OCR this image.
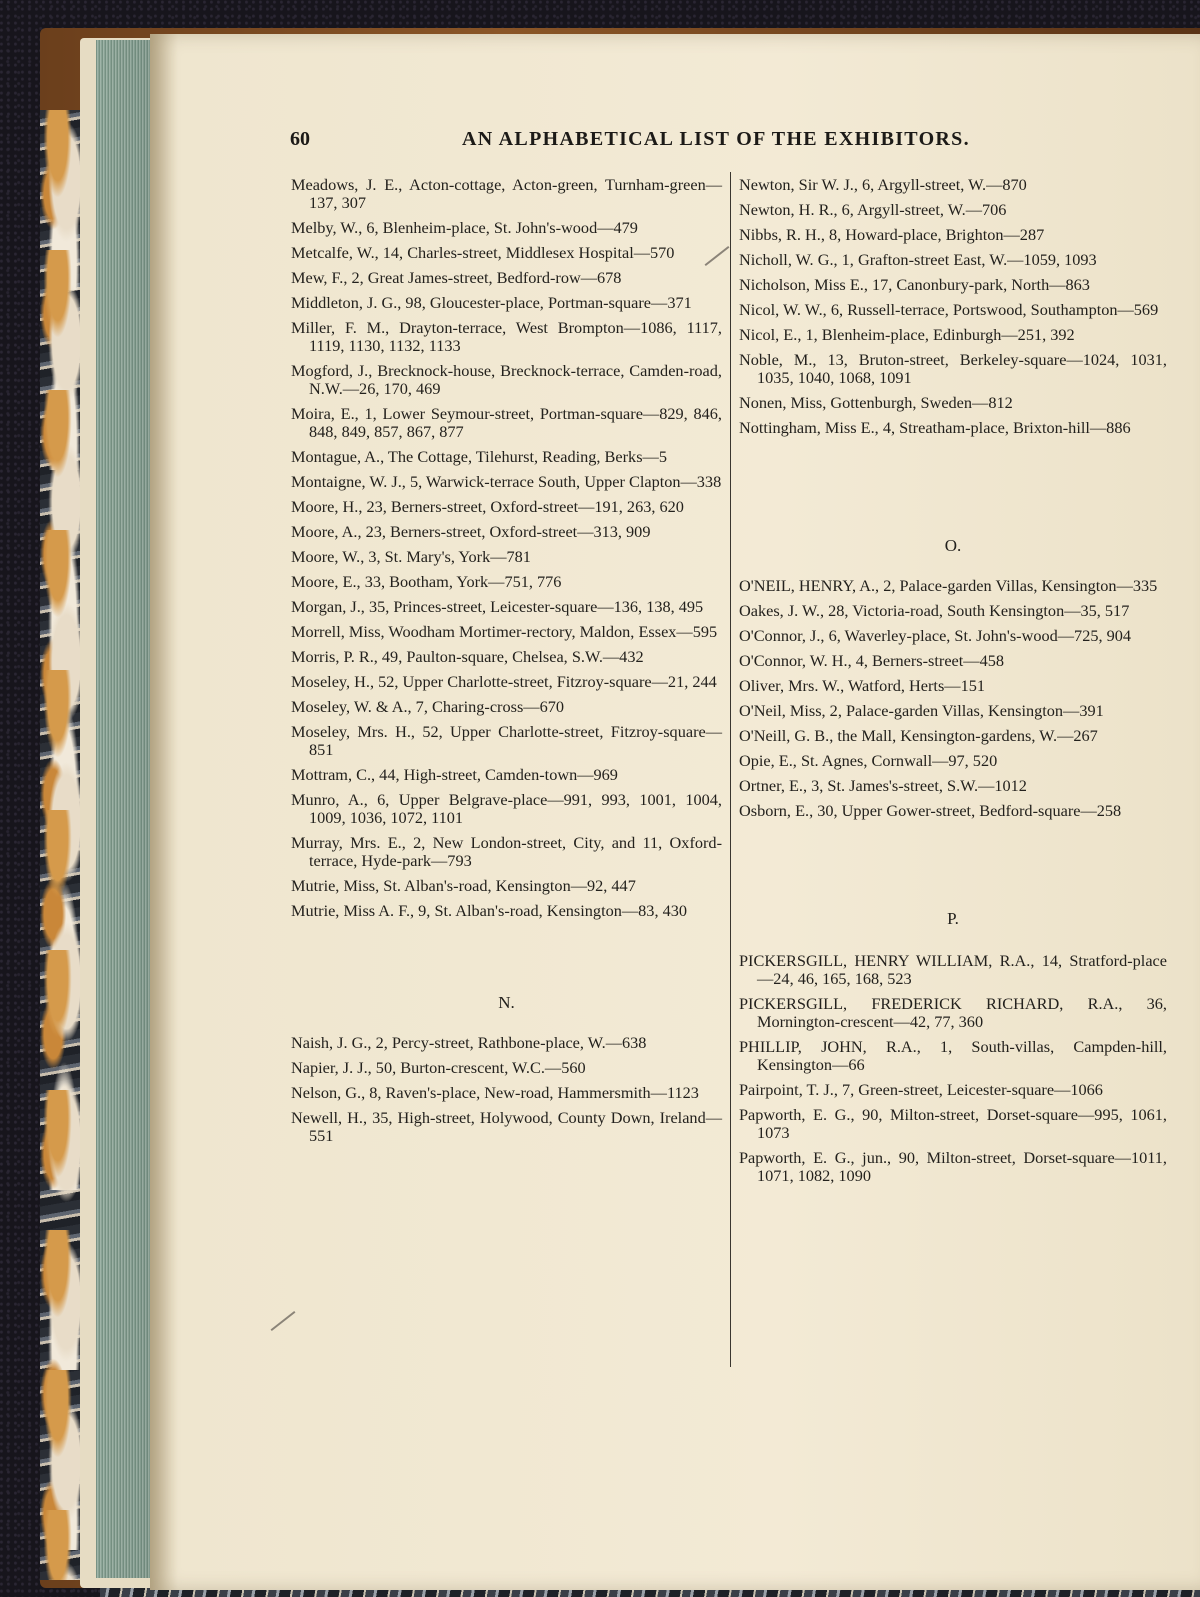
60	AN ALPHABETICAL LIST OF THE EXHIBITORS.

Meadows, J. E., Acton-cottage, Acton-green, Turnham-green—137, 307

Melby, W., 6, Blenheim-place, St. John's-wood—479

Metcalfe, W., 14, Charles-street, Middlesex Hospital—570

Mew, F., 2, Great James-street, Bedford-row—678

Middleton, J. G., 98, Gloucester-place, Portman-square—371

Miller, F. M., Drayton-terrace, West Brompton—1086, 1117, 1119, 1130, 1132, 1133

Mogford, J., Brecknock-house, Brecknock-terrace, Camden-road, N.W.—26, 170, 469

Moira, E., 1, Lower Seymour-street, Portman-square—829, 846, 848, 849, 857, 867, 877

Montague, A., The Cottage, Tilehurst, Reading, Berks—5

Montaigne, W. J., 5, Warwick-terrace South, Upper Clapton—338

Moore, H., 23, Berners-street, Oxford-street—191, 263, 620

Moore, A., 23, Berners-street, Oxford-street—313, 909

Moore, W., 3, St. Mary's, York—781

Moore, E., 33, Bootham, York—751, 776

Morgan, J., 35, Princes-street, Leicester-square—136, 138, 495

Morrell, Miss, Woodham Mortimer-rectory, Maldon, Essex—595

Morris, P. R., 49, Paulton-square, Chelsea, S.W.—432

Moseley, H., 52, Upper Charlotte-street, Fitzroy-square—21, 244

Moseley, W. & A., 7, Charing-cross—670

Moseley, Mrs. H., 52, Upper Charlotte-street, Fitzroy-square—851

Mottram, C., 44, High-street, Camden-town—969

Munro, A., 6, Upper Belgrave-place—991, 993, 1001, 1004, 1009, 1036, 1072, 1101

Murray, Mrs. E., 2, New London-street, City, and 11, Oxford-terrace, Hyde-park—793

Mutrie, Miss, St. Alban's-road, Kensington—92, 447

Mutrie, Miss A. F., 9, St. Alban's-road, Kensington—83, 430

N.

Naish, J. G., 2, Percy-street, Rathbone-place, W.—638

Napier, J. J., 50, Burton-crescent, W.C.—560

Nelson, G., 8, Raven's-place, New-road, Hammersmith—1123

Newell, H., 35, High-street, Holywood, County Down, Ireland—551

Newton, Sir W. J., 6, Argyll-street, W.—870

Newton, H. R., 6, Argyll-street, W.—706

Nibbs, R. H., 8, Howard-place, Brighton—287

Nicholl, W. G., 1, Grafton-street East, W.—1059, 1093

Nicholson, Miss E., 17, Canonbury-park, North—863

Nicol, W. W., 6, Russell-terrace, Portswood, Southampton—569

Nicol, E., 1, Blenheim-place, Edinburgh—251, 392

Noble, M., 13, Bruton-street, Berkeley-square—1024, 1031, 1035, 1040, 1068, 1091

Nonen, Miss, Gottenburgh, Sweden—812

Nottingham, Miss E., 4, Streatham-place, Brixton-hill—886

O.

O'NEIL, HENRY, A., 2, Palace-garden Villas, Kensington—335

Oakes, J. W., 28, Victoria-road, South Kensington—35, 517

O'Connor, J., 6, Waverley-place, St. John's-wood—725, 904

O'Connor, W. H., 4, Berners-street—458

Oliver, Mrs. W., Watford, Herts—151

O'Neil, Miss, 2, Palace-garden Villas, Kensington—391

O'Neill, G. B., the Mall, Kensington-gardens, W.—267

Opie, E., St. Agnes, Cornwall—97, 520

Ortner, E., 3, St. James's-street, S.W.—1012

Osborn, E., 30, Upper Gower-street, Bedford-square—258

P.

PICKERSGILL, HENRY WILLIAM, R.A., 14, Stratford-place—24, 46, 165, 168, 523

PICKERSGILL, FREDERICK RICHARD, R.A., 36, Mornington-crescent—42, 77, 360

PHILLIP, JOHN, R.A., 1, South-villas, Campden-hill, Kensington—66

Pairpoint, T. J., 7, Green-street, Leicester-square—1066

Papworth, E. G., 90, Milton-street, Dorset-square—995, 1061, 1073

Papworth, E. G., jun., 90, Milton-street, Dorset-square—1011, 1071, 1082, 1090
